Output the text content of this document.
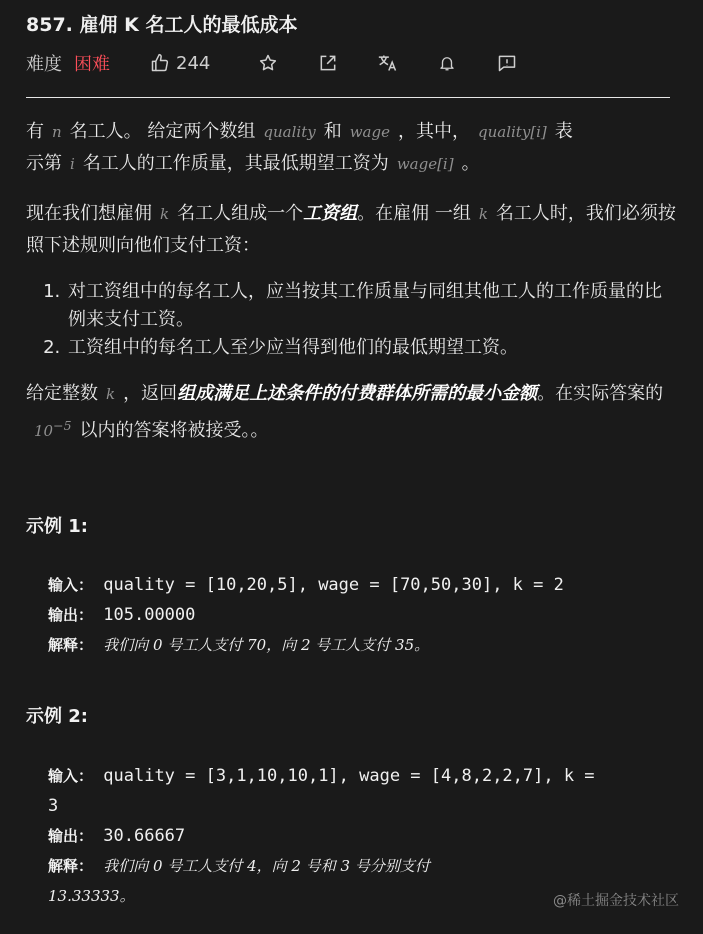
857. 雇佣 K 名工人的最低成本
难度 困难	244
有 n 名工人。 给定两个数组 quality 和 wage ，其中， quality[i] 表
示第 i 名工人的工作质量，其最低期望工资为 wage[i] 。
现在我们想雇佣 k 名工人组成一个工资组。在雇佣 一组 k 名工人时，我们必须按照下述规则向他们支付工资：
1. 对工资组中的每名工人，应当按其工作质量与同组其他工人的工作质量的比例来支付工资。
2. 工资组中的每名工人至少应当得到他们的最低期望工资。
给定整数 k ，返回组成满足上述条件的付费群体所需的最小金额。在实际答案的$10^{-5}$ 以内的答案将被接受。。
示例 1:
输入： quality = [10,20,5], wage = [70,50,30], k = 2
输出： 105.00000
解释： 我们向 0 号工人支付 70，向 2 号工人支付 35。
示例 2:
输入： quality = [3,1,10,10,1], wage = [4,8,2,2,7], k =
3
输出： 30.66667
解释： 我们向 0 号工人支付 4，向 2 号和 3 号分别支付
13.33333。	@稀土掘金技术社区
